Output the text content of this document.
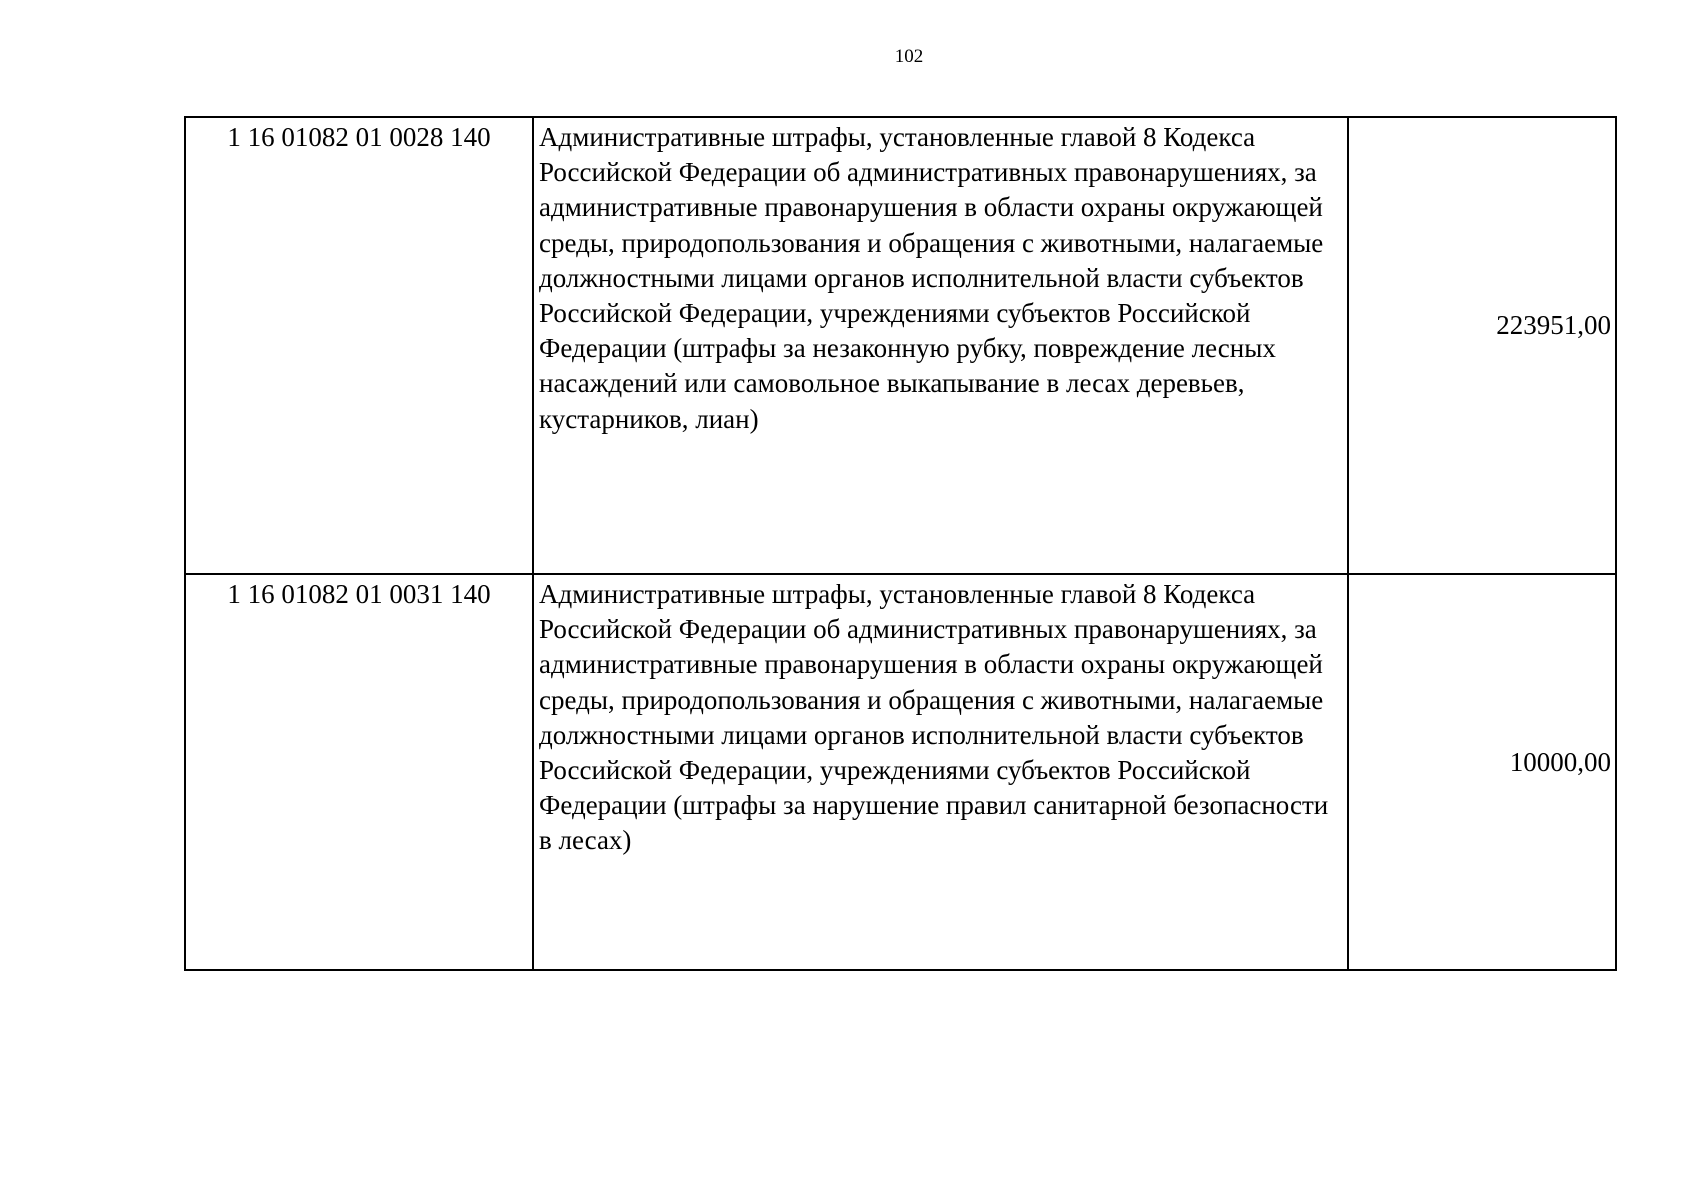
102
1 16 01082 01 0028 140	Административные штрафы, установленные главой 8 Кодекса Российской Федерации об административных правонарушениях, за административные правонарушения в области охраны окружающей среды, природопользования и обращения с животными, налагаемые должностными лицами органов исполнительной власти субъектов Российской Федерации, учреждениями субъектов Российской Федерации (штрафы за незаконную рубку, повреждение лесных насаждений или самовольное выкапывание в лесах деревьев, кустарников, лиан)	223951,00
1 16 01082 01 0031 140	Административные штрафы, установленные главой 8 Кодекса Российской Федерации об административных правонарушениях, за административные правонарушения в области охраны окружающей среды, природопользования и обращения с животными, налагаемые должностными лицами органов исполнительной власти субъектов Российской Федерации, учреждениями субъектов Российской Федерации (штрафы за нарушение правил санитарной безопасности в лесах)	10000,00
